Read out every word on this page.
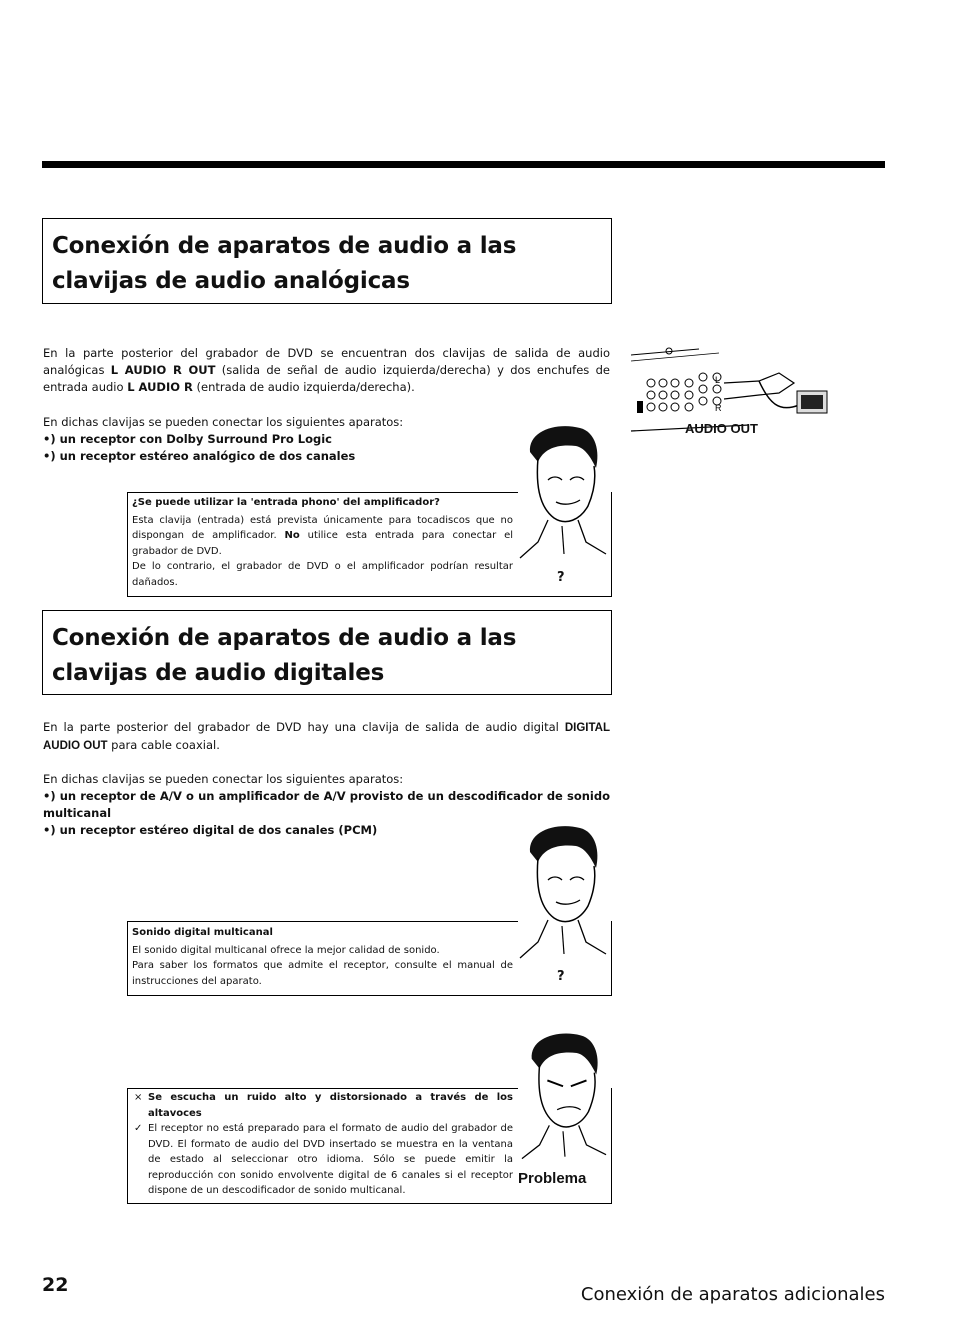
Conexión de aparatos de audio a las
clavijas de audio analógicas
En la parte posterior del grabador de DVD se encuentran dos clavijas de salida de audio analógicas L AUDIO R OUT (salida de señal de audio izquierda/derecha) y dos enchufes de entrada audio L AUDIO R (entrada de audio izquierda/derecha).
En dichas clavijas se pueden conectar los siguientes aparatos:
•) un receptor con Dolby Surround Pro Logic
•) un receptor estéreo analógico de dos canales
L
R
AUDIO OUT
¿Se puede utilizar la 'entrada phono' del amplificador?
Esta clavija (entrada) está prevista únicamente para tocadiscos que no dispongan de amplificador. No utilice esta entrada para conectar el grabador de DVD.
De lo contrario, el grabador de DVD o el amplificador podrían resultar dañados.	?
Conexión de aparatos de audio a las
clavijas de audio digitales
En la parte posterior del grabador de DVD hay una clavija de salida de audio digital DIGITAL AUDIO OUT para cable coaxial.
En dichas clavijas se pueden conectar los siguientes aparatos:
•) un receptor de A/V o un amplificador de A/V provisto de un descodificador de sonido multicanal
•) un receptor estéreo digital de dos canales (PCM)
Sonido digital multicanal
El sonido digital multicanal ofrece la mejor calidad de sonido.
Para saber los formatos que admite el receptor, consulte el manual de instrucciones del aparato.	?
× Se escucha un ruido alto y distorsionado a través de los altavoces
✓ El receptor no está preparado para el formato de audio del grabador de DVD. El formato de audio del DVD insertado se muestra en la ventana de estado al seleccionar otro idioma. Sólo se puede emitir la reproducción con sonido envolvente digital de 6 canales si el receptor dispone de un descodificador de sonido multicanal.
Problema
22	Conexión de aparatos adicionales
